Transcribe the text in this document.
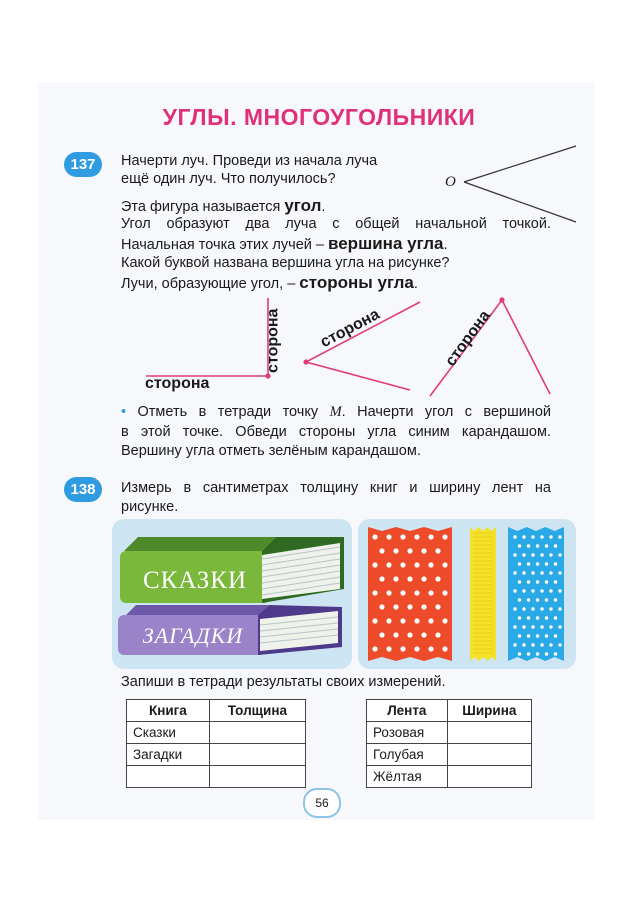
УГЛЫ. МНОГОУГОЛЬНИКИ
137	Начерти луч. Проведи из начала луча
ещё один луч. Что получилось?	O
Эта фигура называется угол.
Угол образуют два луча с общей начальной точкой.
Начальная точка этих лучей – вершина угла.
Какой буквой названа вершина угла на рисунке?
Лучи, образующие угол, – стороны угла.
сторона
сторона сторона	сторона
• Отметь в тетради точку M. Начерти угол с вершиной
в этой точке. Обведи стороны угла синим карандашом.
Вершину угла отметь зелёным карандашом.
138	Измерь в сантиметрах толщину книг и ширину лент на
рисунке.
СКАЗКИ
ЗАГАДКИ
Запиши в тетради результаты своих измерений.
Книга	Толщина
Сказки	
Загадки	

Лента	Ширина
Розовая	
Голубая	
Жёлтая	
56
